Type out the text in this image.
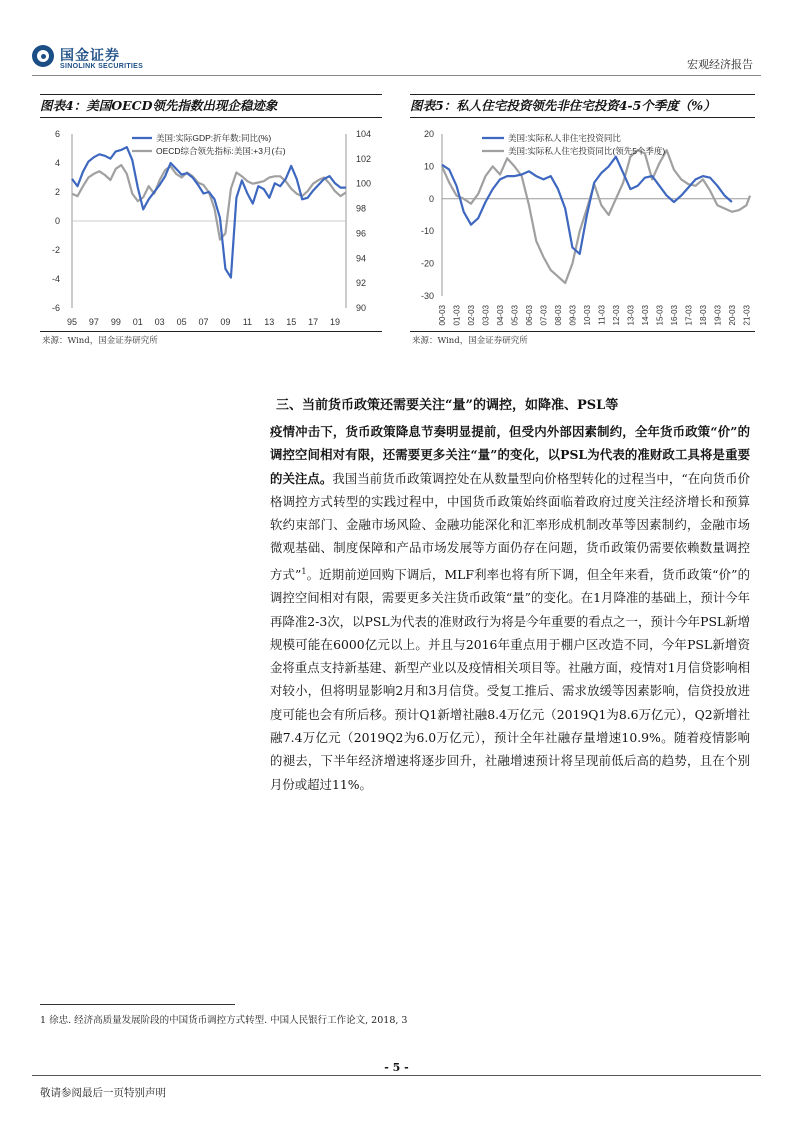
国金证券
SINOLINK SECURITIES	宏观经济报告
图表4：美国OECD领先指数出现企稳迹象	图表5：私人住宅投资领先非住宅投资4-5个季度（%）
6
4
2
0
-2
-4
-6
104
102
100
98
96
94
92
90
95 97 99 01 03 05 07 09 11 13 15 17 19
美国:实际GDP:折年数:同比(%)
OECD综合领先指标:美国:+3月(右)
20
10
0
-10
-20
-30
00-03 01-03 02-03 03-03 04-03 05-03 06-03 07-03 08-03 09-03 10-03 11-03 12-03 13-03 14-03 15-03 16-03 17-03 18-03 19-03 20-03 21-03
美国:实际私人非住宅投资同比
美国:实际私人住宅投资同比(领先5个季度)
来源：Wind，国金证券研究所	来源：Wind，国金证券研究所
三、当前货币政策还需要关注“量”的调控，如降准、PSL等
疫情冲击下，货币政策降息节奏明显提前，但受内外部因素制约，全年货币政策“价”的调控空间相对有限，还需要更多关注“量”的变化，以PSL为代表的准财政工具将是重要的关注点。我国当前货币政策调控处在从数量型向价格型转化的过程当中，“在向货币价格调控方式转型的实践过程中，中国货币政策始终面临着政府过度关注经济增长和预算软约束部门、金融市场风险、金融功能深化和汇率形成机制改革等因素制约，金融市场微观基础、制度保障和产品市场发展等方面仍存在问题，货币政策仍需要依赖数量调控方式”$^1$。近期前逆回购下调后，MLF利率也将有所下调，但全年来看，货币政策“价”的调控空间相对有限，需要更多关注货币政策“量”的变化。在1月降准的基础上，预计今年再降准2-3次，以PSL为代表的准财政行为将是今年重要的看点之一，预计今年PSL新增规模可能在6000亿元以上。并且与2016年重点用于棚户区改造不同，今年PSL新增资金将重点支持新基建、新型产业以及疫情相关项目等。社融方面，疫情对1月信贷影响相对较小，但将明显影响2月和3月信贷。受复工推后、需求放缓等因素影响，信贷投放进度可能也会有所后移。预计Q1新增社融8.4万亿元（2019Q1为8.6万亿元），Q2新增社融7.4万亿元（2019Q2为6.0万亿元），预计全年社融存量增速10.9%。随着疫情影响的褪去，下半年经济增速将逐步回升，社融增速预计将呈现前低后高的趋势，且在个别月份或超过11%。
1 徐忠. 经济高质量发展阶段的中国货币调控方式转型. 中国人民银行工作论文, 2018, 3
- 5 -
敬请参阅最后一页特别声明
